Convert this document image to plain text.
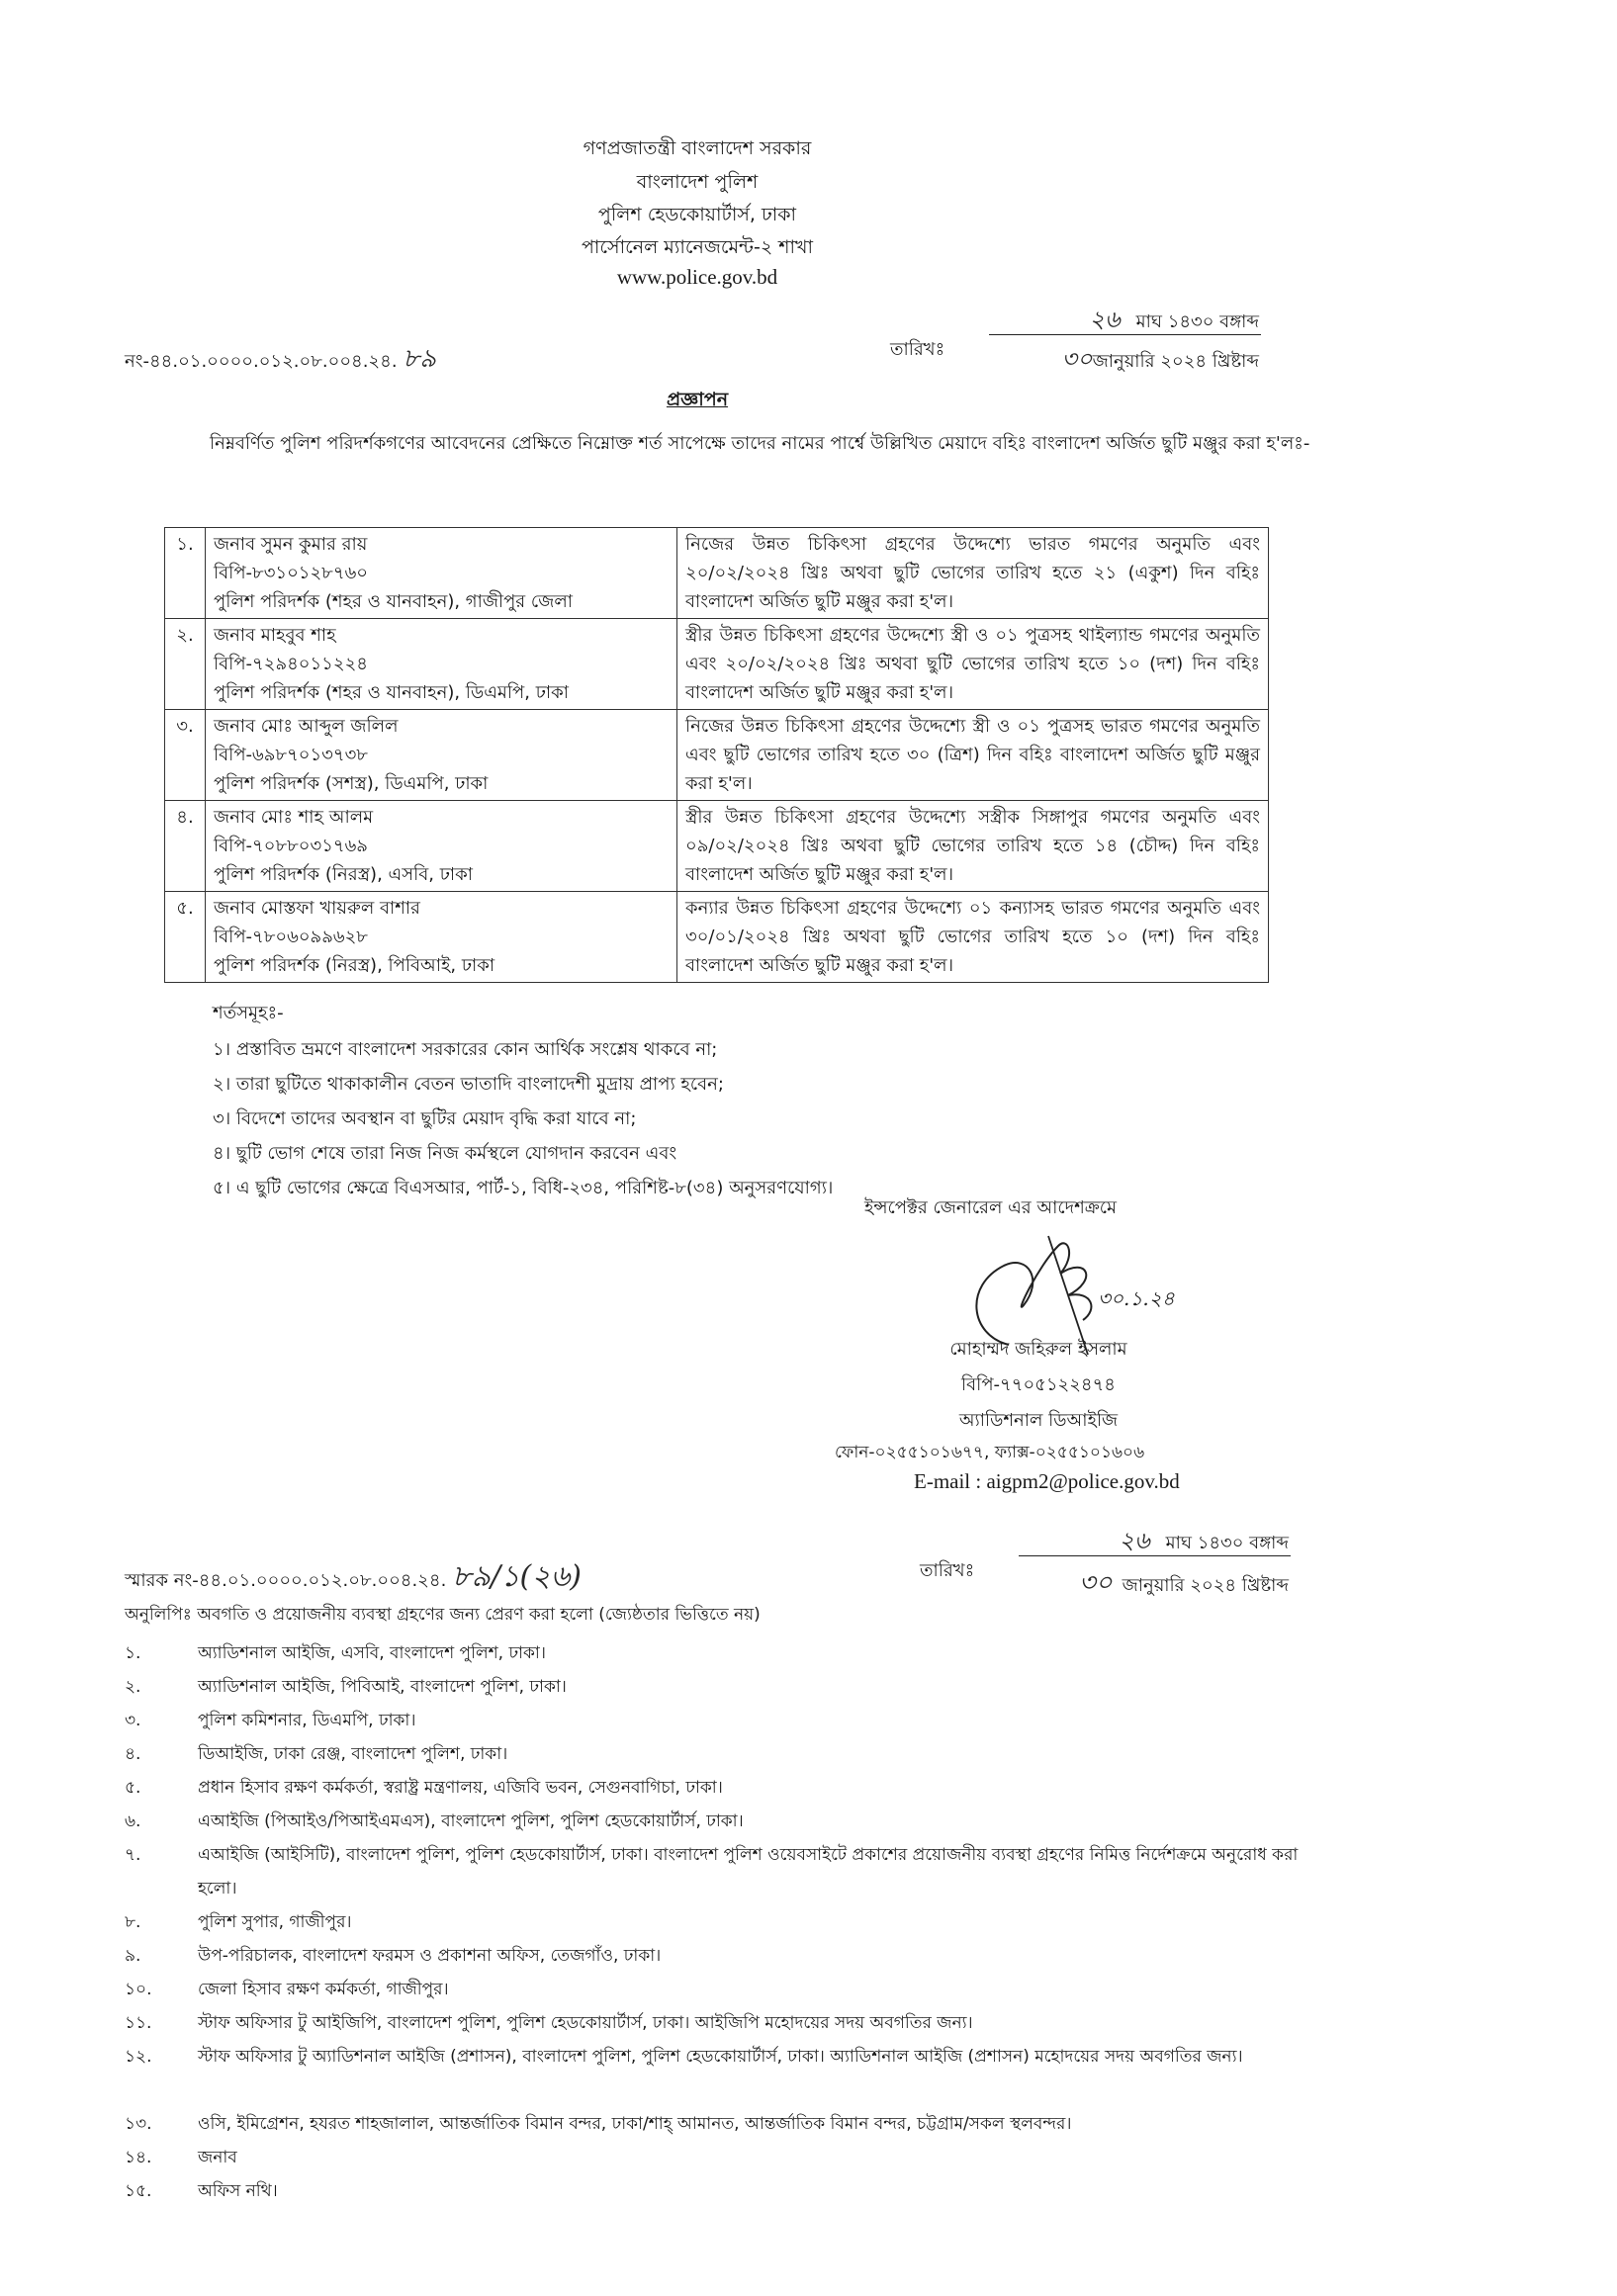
গণপ্রজাতন্ত্রী বাংলাদেশ সরকার
বাংলাদেশ পুলিশ
পুলিশ হেডকোয়ার্টার্স, ঢাকা
পার্সোনেল ম্যানেজমেন্ট-২ শাখা
www.police.gov.bd
নং-৪৪.০১.০০০০.০১২.০৮.০০৪.২৪. ৮৯	তারিখঃ
২৬ মাঘ ১৪৩০ বঙ্গাব্দ
৩০জানুয়ারি ২০২৪ খ্রিষ্টাব্দ
প্রজ্ঞাপন
নিম্নবর্ণিত পুলিশ পরিদর্শকগণের আবেদনের প্রেক্ষিতে নিম্নোক্ত শর্ত সাপেক্ষে তাদের নামের পার্শ্বে উল্লিখিত মেয়াদে বহিঃ বাংলাদেশ অর্জিত ছুটি মঞ্জুর করা হ'লঃ-
১.	জনাব সুমন কুমার রায়
বিপি-৮৩১০১২৮৭৬০
পুলিশ পরিদর্শক (শহর ও যানবাহন), গাজীপুর জেলা	নিজের উন্নত চিকিৎসা গ্রহণের উদ্দেশ্যে ভারত গমণের অনুমতি এবং ২০/০২/২০২৪ খ্রিঃ অথবা ছুটি ভোগের তারিখ হতে ২১ (একুশ) দিন বহিঃ বাংলাদেশ অর্জিত ছুটি মঞ্জুর করা হ'ল।
২.	জনাব মাহবুব শাহ
বিপি-৭২৯৪০১১২২৪
পুলিশ পরিদর্শক (শহর ও যানবাহন), ডিএমপি, ঢাকা	স্ত্রীর উন্নত চিকিৎসা গ্রহণের উদ্দেশ্যে স্ত্রী ও ০১ পুত্রসহ থাইল্যান্ড গমণের অনুমতি এবং ২০/০২/২০২৪ খ্রিঃ অথবা ছুটি ভোগের তারিখ হতে ১০ (দশ) দিন বহিঃ বাংলাদেশ অর্জিত ছুটি মঞ্জুর করা হ'ল।
৩.	জনাব মোঃ আব্দুল জলিল
বিপি-৬৯৮৭০১৩৭৩৮
পুলিশ পরিদর্শক (সশস্ত্র), ডিএমপি, ঢাকা	নিজের উন্নত চিকিৎসা গ্রহণের উদ্দেশ্যে স্ত্রী ও ০১ পুত্রসহ ভারত গমণের অনুমতি এবং ছুটি ভোগের তারিখ হতে ৩০ (ত্রিশ) দিন বহিঃ বাংলাদেশ অর্জিত ছুটি মঞ্জুর করা হ'ল।
৪.	জনাব মোঃ শাহ আলম
বিপি-৭০৮৮০৩১৭৬৯
পুলিশ পরিদর্শক (নিরস্ত্র), এসবি, ঢাকা	স্ত্রীর উন্নত চিকিৎসা গ্রহণের উদ্দেশ্যে সস্ত্রীক সিঙ্গাপুর গমণের অনুমতি এবং ০৯/০২/২০২৪ খ্রিঃ অথবা ছুটি ভোগের তারিখ হতে ১৪ (চৌদ্দ) দিন বহিঃ বাংলাদেশ অর্জিত ছুটি মঞ্জুর করা হ'ল।
৫.	জনাব মোস্তফা খায়রুল বাশার
বিপি-৭৮০৬০৯৯৬২৮
পুলিশ পরিদর্শক (নিরস্ত্র), পিবিআই, ঢাকা	কন্যার উন্নত চিকিৎসা গ্রহণের উদ্দেশ্যে ০১ কন্যাসহ ভারত গমণের অনুমতি এবং ৩০/০১/২০২৪ খ্রিঃ অথবা ছুটি ভোগের তারিখ হতে ১০ (দশ) দিন বহিঃ বাংলাদেশ অর্জিত ছুটি মঞ্জুর করা হ'ল।
শর্তসমূহঃ-
১। প্রস্তাবিত ভ্রমণে বাংলাদেশ সরকারের কোন আর্থিক সংশ্লেষ থাকবে না;
২। তারা ছুটিতে থাকাকালীন বেতন ভাতাদি বাংলাদেশী মুদ্রায় প্রাপ্য হবেন;
৩। বিদেশে তাদের অবস্থান বা ছুটির মেয়াদ বৃদ্ধি করা যাবে না;
৪। ছুটি ভোগ শেষে তারা নিজ নিজ কর্মস্থলে যোগদান করবেন এবং
৫। এ ছুটি ভোগের ক্ষেত্রে বিএসআর, পার্ট-১, বিধি-২৩৪, পরিশিষ্ট-৮(৩৪) অনুসরণযোগ্য।
ইন্সপেক্টর জেনারেল এর আদেশক্রমে
৩০.১.২৪
মোহাম্মদ জহিরুল ইসলাম
বিপি-৭৭০৫১২২৪৭৪
অ্যাডিশনাল ডিআইজি
ফোন-০২৫৫১০১৬৭৭, ফ্যাক্স-০২৫৫১০১৬০৬
E-mail : aigpm2@police.gov.bd
স্মারক নং-৪৪.০১.০০০০.০১২.০৮.০০৪.২৪. ৮৯/১(২৬)	তারিখঃ
২৬ মাঘ ১৪৩০ বঙ্গাব্দ
৩০ জানুয়ারি ২০২৪ খ্রিষ্টাব্দ
অনুলিপিঃ অবগতি ও প্রয়োজনীয় ব্যবস্থা গ্রহণের জন্য প্রেরণ করা হলো (জ্যেষ্ঠতার ভিত্তিতে নয়)
১.	অ্যাডিশনাল আইজি, এসবি, বাংলাদেশ পুলিশ, ঢাকা।
২.	অ্যাডিশনাল আইজি, পিবিআই, বাংলাদেশ পুলিশ, ঢাকা।
৩.	পুলিশ কমিশনার, ডিএমপি, ঢাকা।
৪.	ডিআইজি, ঢাকা রেঞ্জ, বাংলাদেশ পুলিশ, ঢাকা।
৫.	প্রধান হিসাব রক্ষণ কর্মকর্তা, স্বরাষ্ট্র মন্ত্রণালয়, এজিবি ভবন, সেগুনবাগিচা, ঢাকা।
৬.	এআইজি (পিআইও/পিআইএমএস), বাংলাদেশ পুলিশ, পুলিশ হেডকোয়ার্টার্স, ঢাকা।
৭.	এআইজি (আইসিটি), বাংলাদেশ পুলিশ, পুলিশ হেডকোয়ার্টার্স, ঢাকা। বাংলাদেশ পুলিশ ওয়েবসাইটে প্রকাশের প্রয়োজনীয় ব্যবস্থা গ্রহণের নিমিত্ত নির্দেশক্রমে অনুরোধ করা হলো।
৮.	পুলিশ সুপার, গাজীপুর।
৯.	উপ-পরিচালক, বাংলাদেশ ফরমস ও প্রকাশনা অফিস, তেজগাঁও, ঢাকা।
১০.	জেলা হিসাব রক্ষণ কর্মকর্তা, গাজীপুর।
১১.	স্টাফ অফিসার টু আইজিপি, বাংলাদেশ পুলিশ, পুলিশ হেডকোয়ার্টার্স, ঢাকা। আইজিপি মহোদয়ের সদয় অবগতির জন্য।
১২.	স্টাফ অফিসার টু অ্যাডিশনাল আইজি (প্রশাসন), বাংলাদেশ পুলিশ, পুলিশ হেডকোয়ার্টার্স, ঢাকা। অ্যাডিশনাল আইজি (প্রশাসন) মহোদয়ের সদয় অবগতির জন্য।
১৩.	ওসি, ইমিগ্রেশন, হযরত শাহজালাল, আন্তর্জাতিক বিমান বন্দর, ঢাকা/শাহ্ আমানত, আন্তর্জাতিক বিমান বন্দর, চট্টগ্রাম/সকল স্থলবন্দর।
১৪.	জনাব
১৫.	অফিস নথি।
